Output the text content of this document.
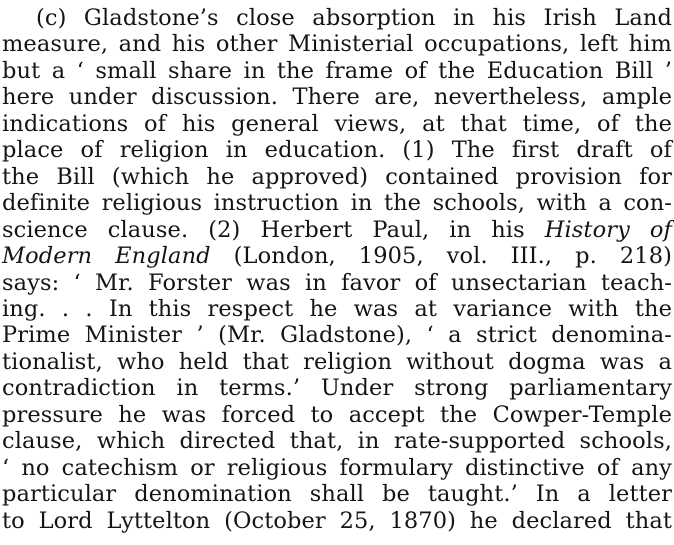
(c) Gladstone’s close absorption in his Irish Land
measure, and his other Ministerial occupations, left him
but a ‘ small share in the frame of the Education Bill ’
here under discussion. There are, nevertheless, ample
indications of his general views, at that time, of the
place of religion in education. (1) The first draft of
the Bill (which he approved) contained provision for
definite religious instruction in the schools, with a con-
science clause. (2) Herbert Paul, in his History of
Modern England (London, 1905, vol. III., p. 218)
says: ‘ Mr. Forster was in favor of unsectarian teach-
ing. . . In this respect he was at variance with the
Prime Minister ’ (Mr. Gladstone), ‘ a strict denomina-
tionalist, who held that religion without dogma was a
contradiction in terms.’ Under strong parliamentary
pressure he was forced to accept the Cowper-Temple
clause, which directed that, in rate-supported schools,
‘ no catechism or religious formulary distinctive of any
particular denomination shall be taught.’ In a letter
to Lord Lyttelton (October 25, 1870) he declared that
